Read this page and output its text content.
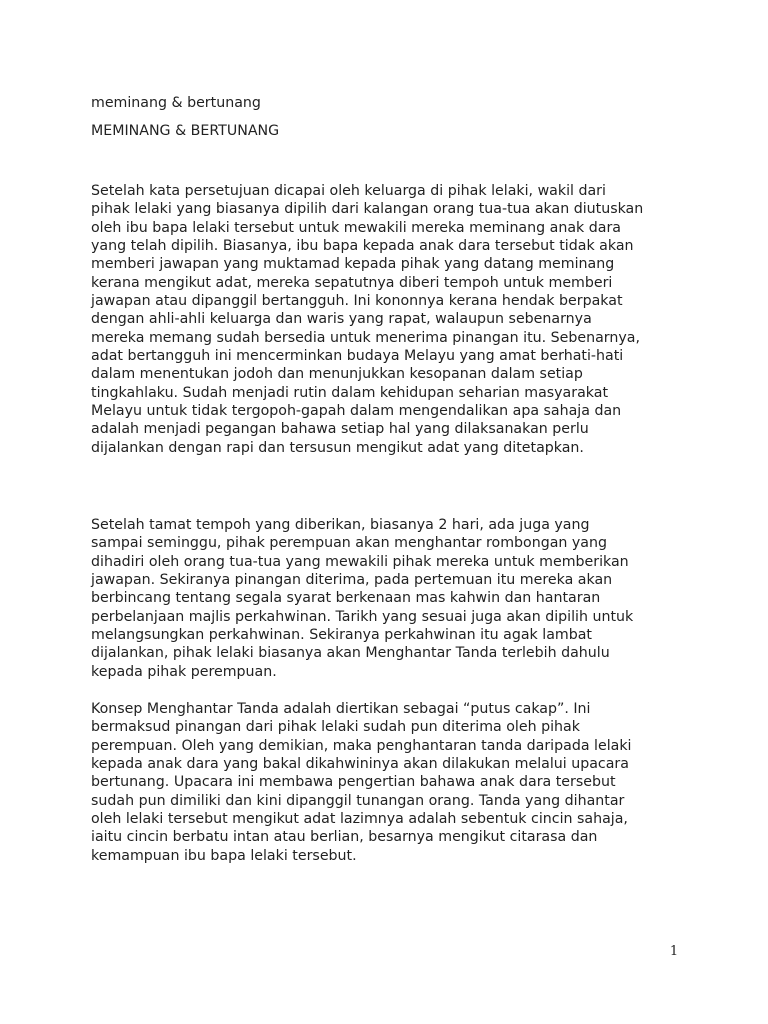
meminang & bertunang
MEMINANG & BERTUNANG
Setelah kata persetujuan dicapai oleh keluarga di pihak lelaki, wakil dari
pihak lelaki yang biasanya dipilih dari kalangan orang tua-tua akan diutuskan
oleh ibu bapa lelaki tersebut untuk mewakili mereka meminang anak dara
yang telah dipilih. Biasanya, ibu bapa kepada anak dara tersebut tidak akan
memberi jawapan yang muktamad kepada pihak yang datang meminang
kerana mengikut adat, mereka sepatutnya diberi tempoh untuk memberi
jawapan atau dipanggil bertangguh. Ini kononnya kerana hendak berpakat
dengan ahli-ahli keluarga dan waris yang rapat, walaupun sebenarnya
mereka memang sudah bersedia untuk menerima pinangan itu. Sebenarnya,
adat bertangguh ini mencerminkan budaya Melayu yang amat berhati-hati
dalam menentukan jodoh dan menunjukkan kesopanan dalam setiap
tingkahlaku. Sudah menjadi rutin dalam kehidupan seharian masyarakat
Melayu untuk tidak tergopoh-gapah dalam mengendalikan apa sahaja dan
adalah menjadi pegangan bahawa setiap hal yang dilaksanakan perlu
dijalankan dengan rapi dan tersusun mengikut adat yang ditetapkan.
Setelah tamat tempoh yang diberikan, biasanya 2 hari, ada juga yang
sampai seminggu, pihak perempuan akan menghantar rombongan yang
dihadiri oleh orang tua-tua yang mewakili pihak mereka untuk memberikan
jawapan. Sekiranya pinangan diterima, pada pertemuan itu mereka akan
berbincang tentang segala syarat berkenaan mas kahwin dan hantaran
perbelanjaan majlis perkahwinan. Tarikh yang sesuai juga akan dipilih untuk
melangsungkan perkahwinan. Sekiranya perkahwinan itu agak lambat
dijalankan, pihak lelaki biasanya akan Menghantar Tanda terlebih dahulu
kepada pihak perempuan.
Konsep Menghantar Tanda adalah diertikan sebagai “putus cakap”. Ini
bermaksud pinangan dari pihak lelaki sudah pun diterima oleh pihak
perempuan. Oleh yang demikian, maka penghantaran tanda daripada lelaki
kepada anak dara yang bakal dikahwininya akan dilakukan melalui upacara
bertunang. Upacara ini membawa pengertian bahawa anak dara tersebut
sudah pun dimiliki dan kini dipanggil tunangan orang. Tanda yang dihantar
oleh lelaki tersebut mengikut adat lazimnya adalah sebentuk cincin sahaja,
iaitu cincin berbatu intan atau berlian, besarnya mengikut citarasa dan
kemampuan ibu bapa lelaki tersebut.
1
